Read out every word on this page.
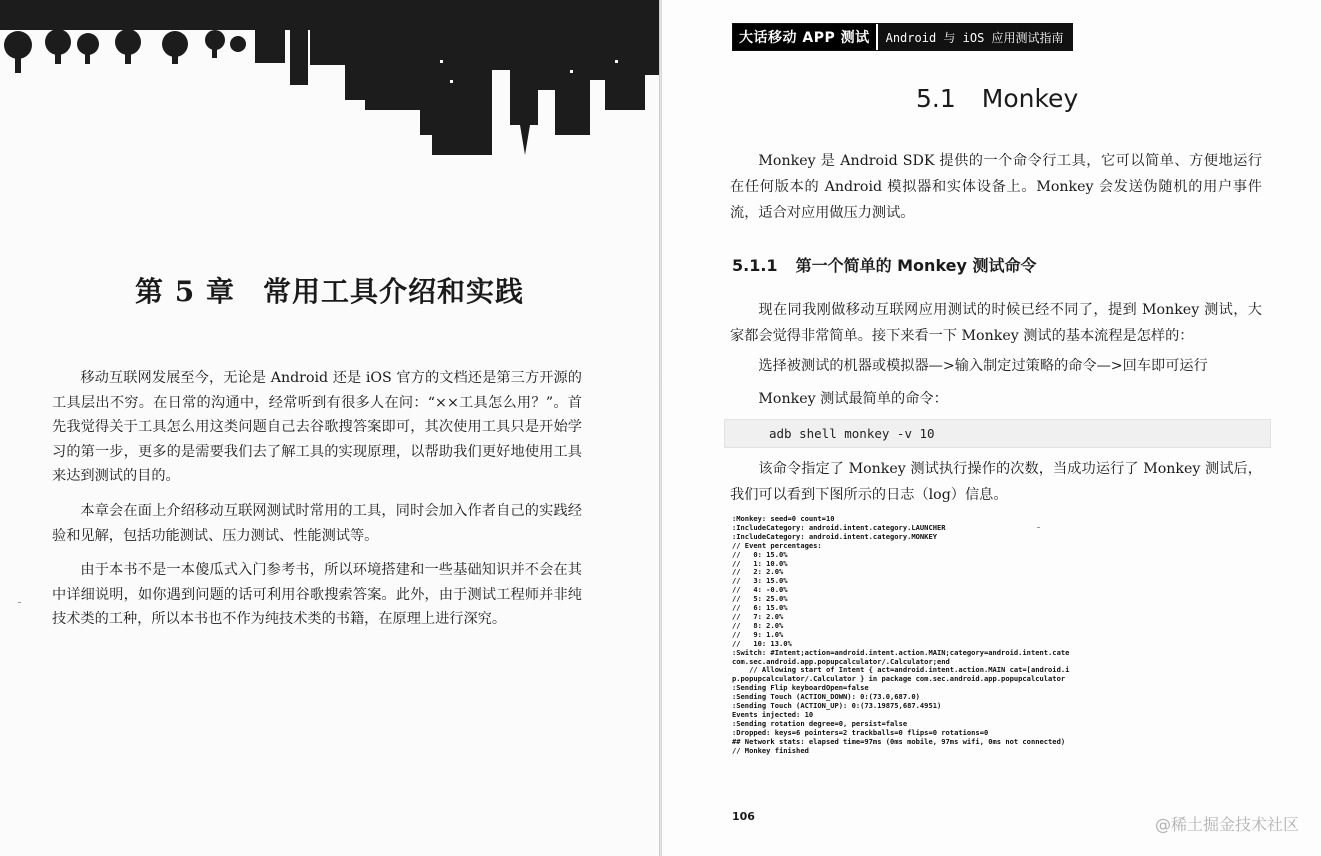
第 5 章 常用工具介绍和实践

移动互联网发展至今，无论是 Android 还是 iOS 官方的文档还是第三方开源的工具层出不穷。在日常的沟通中，经常听到有很多人在问：“××工具怎么用？”。首先我觉得关于工具怎么用这类问题自己去谷歌搜答案即可，其次使用工具只是开始学习的第一步，更多的是需要我们去了解工具的实现原理，以帮助我们更好地使用工具来达到测试的目的。

本章会在面上介绍移动互联网测试时常用的工具，同时会加入作者自己的实践经验和见解，包括功能测试、压力测试、性能测试等。

由于本书不是一本傻瓜式入门参考书，所以环境搭建和一些基础知识并不会在其中详细说明，如你遇到问题的话可利用谷歌搜索答案。此外，由于测试工程师并非纯技术类的工种，所以本书也不作为纯技术类的书籍，在原理上进行深究。

大话移动 APP 测试	Android 与 iOS 应用测试指南
5.1 Monkey
Monkey 是 Android SDK 提供的一个命令行工具，它可以简单、方便地运行在任何版本的 Android 模拟器和实体设备上。Monkey 会发送伪随机的用户事件流，适合对应用做压力测试。
5.1.1 第一个简单的 Monkey 测试命令
现在同我刚做移动互联网应用测试的时候已经不同了，提到 Monkey 测试，大家都会觉得非常简单。接下来看一下 Monkey 测试的基本流程是怎样的：
选择被测试的机器或模拟器—>输入制定过策略的命令—>回车即可运行
Monkey 测试最简单的命令：
adb shell monkey -v 10
该命令指定了 Monkey 测试执行操作的次数，当成功运行了 Monkey 测试后，我们可以看到下图所示的日志（log）信息。
:Monkey: seed=0 count=10
:IncludeCategory: android.intent.category.LAUNCHER
:IncludeCategory: android.intent.category.MONKEY
// Event percentages:
//   0: 15.0%
//   1: 10.0%
//   2: 2.0%
//   3: 15.0%
//   4: -0.0%
//   5: 25.0%
//   6: 15.0%
//   7: 2.0%
//   8: 2.0%
//   9: 1.0%
//   10: 13.0%
:Switch: #Intent;action=android.intent.action.MAIN;category=android.intent.cate
com.sec.android.app.popupcalculator/.Calculator;end
// Allowing start of Intent { act=android.intent.action.MAIN cat=[android.i
p.popupcalculator/.Calculator } in package com.sec.android.app.popupcalculator
:Sending Flip keyboardOpen=false
:Sending Touch (ACTION_DOWN): 0:(73.0,687.0)
:Sending Touch (ACTION_UP): 0:(73.19875,687.4951)
Events injected: 10
:Sending rotation degree=0, persist=false
:Dropped: keys=6 pointers=2 trackballs=0 flips=0 rotations=0
## Network stats: elapsed time=97ms (0ms mobile, 97ms wifi, 0ms not connected)
// Monkey finished
106	@稀土掘金技术社区
